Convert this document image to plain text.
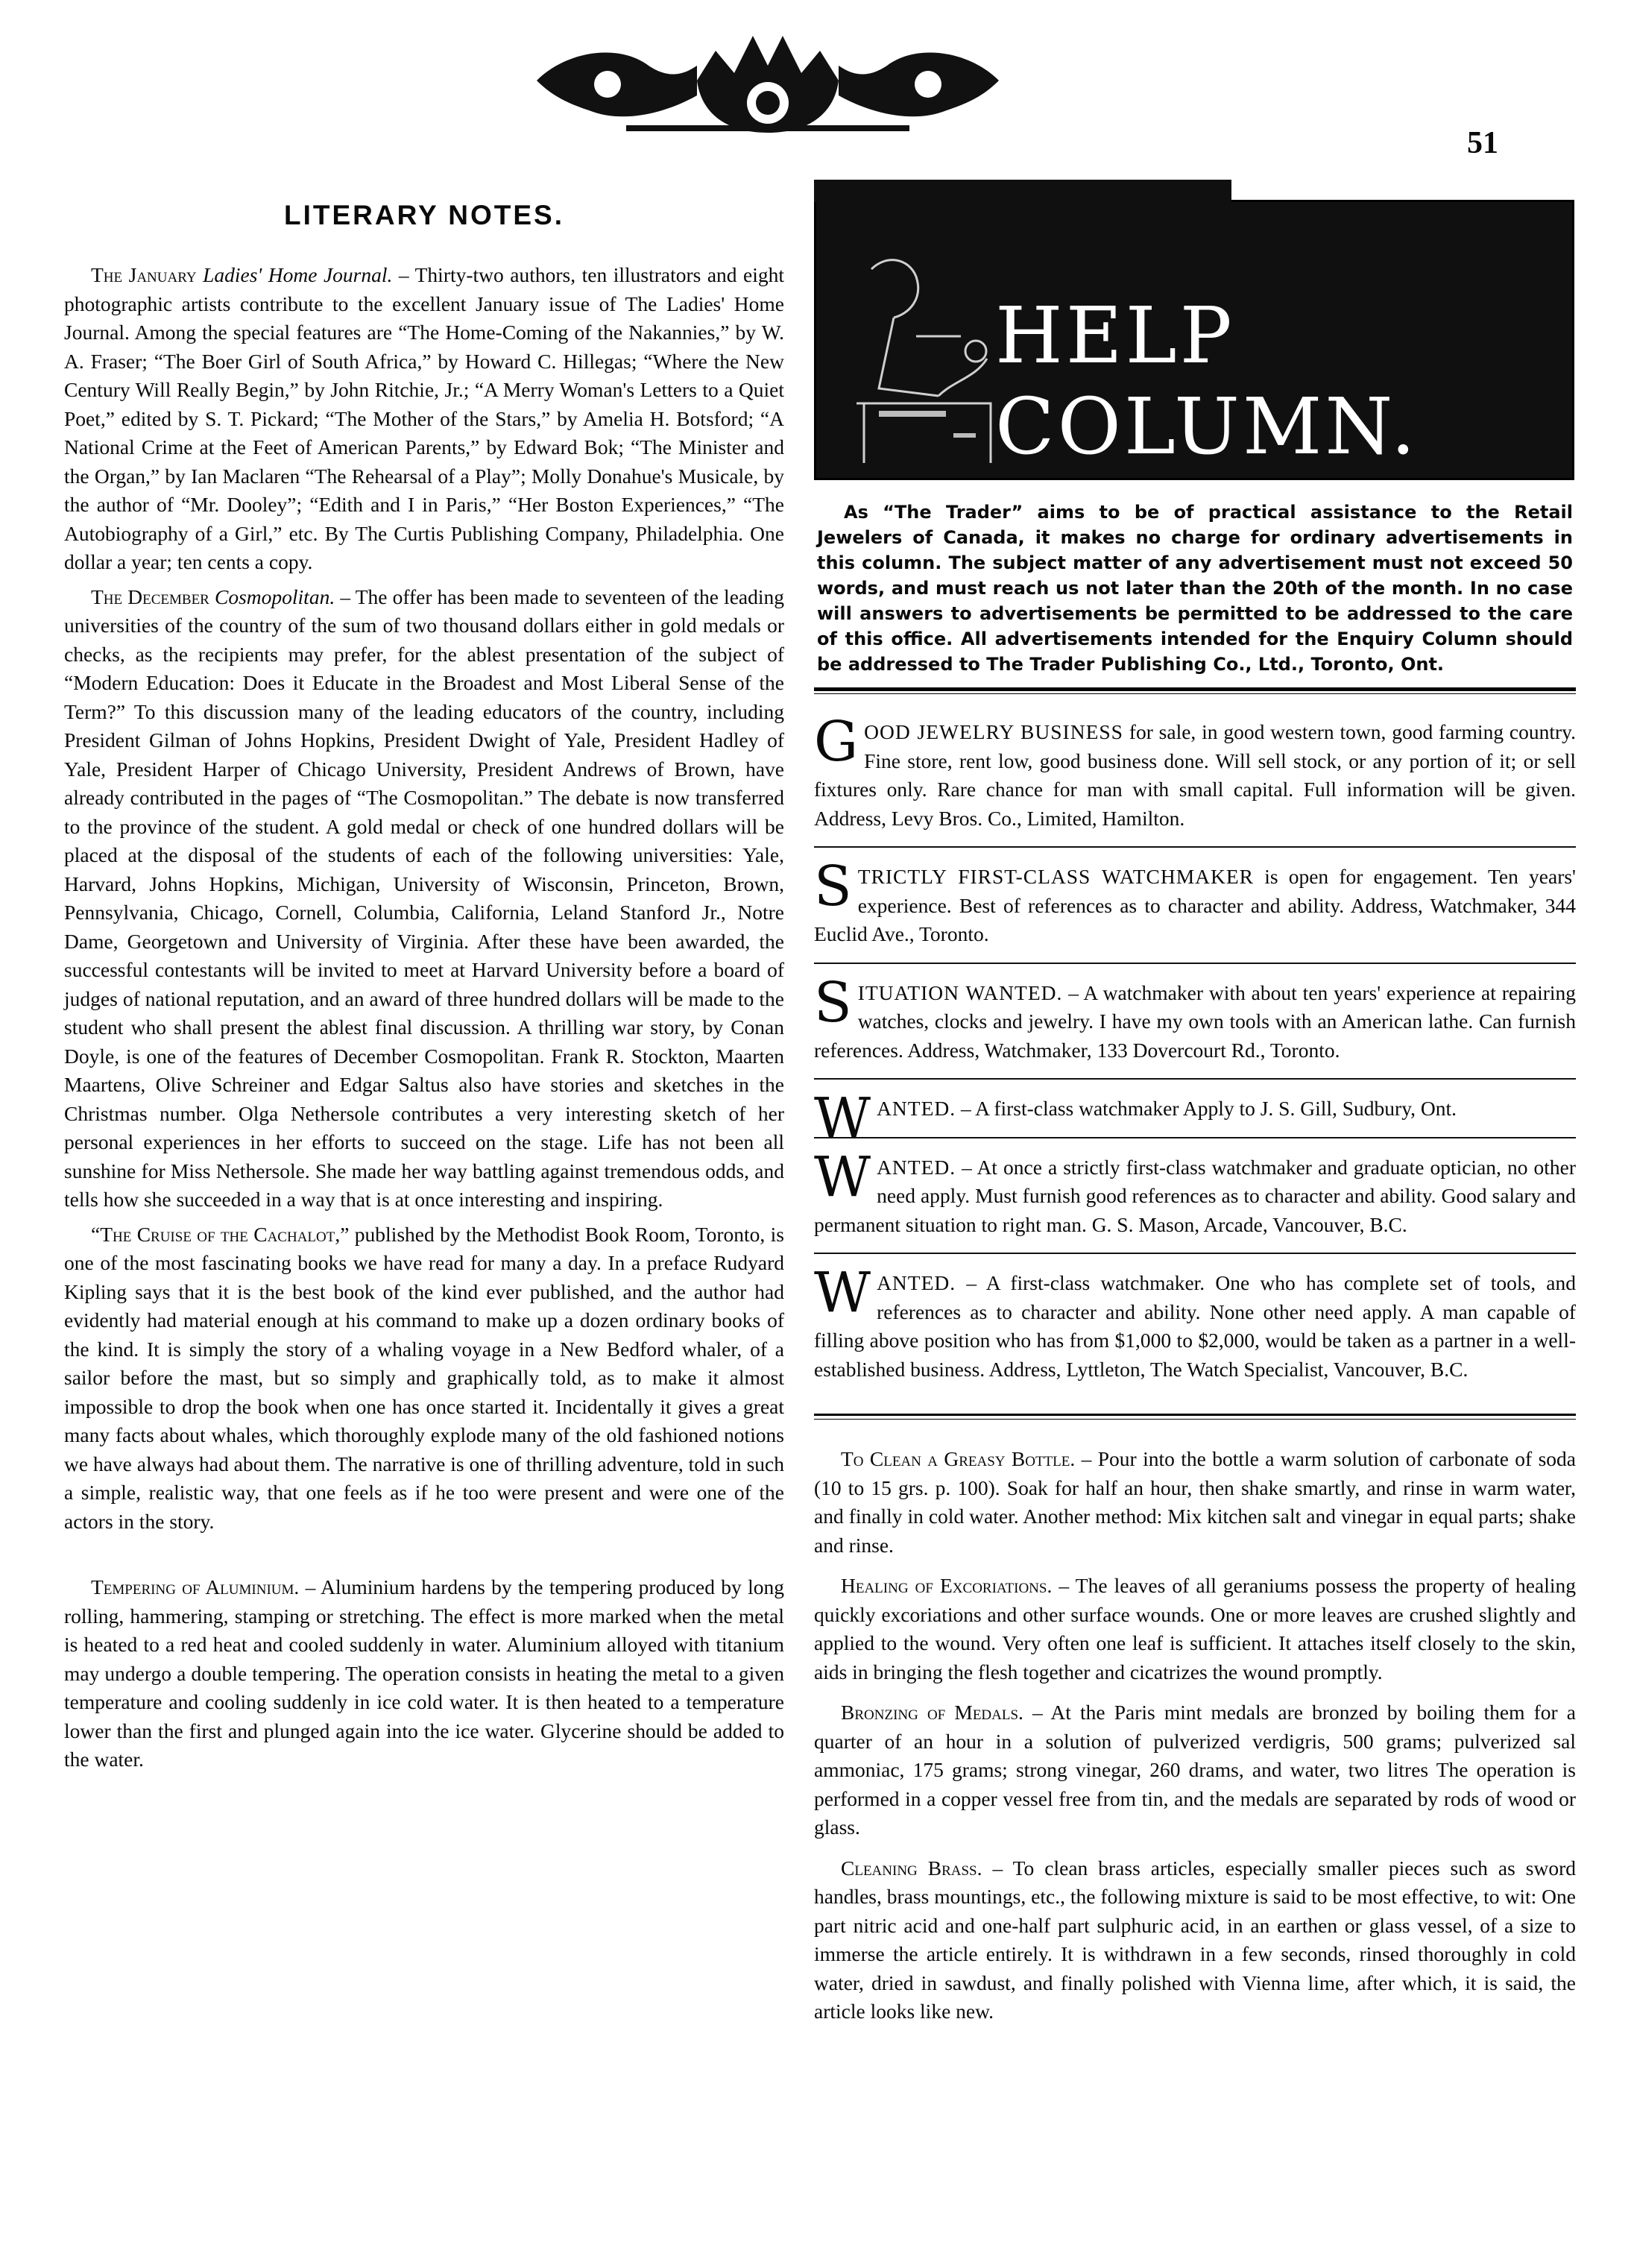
51
LITERARY NOTES.

The January Ladies' Home Journal. – Thirty-two authors, ten illustrators and eight photographic artists contribute to the excellent January issue of The Ladies' Home Journal. Among the special features are “The Home-Coming of the Nakannies,” by W. A. Fraser; “The Boer Girl of South Africa,” by Howard C. Hillegas; “Where the New Century Will Really Begin,” by John Ritchie, Jr.; “A Merry Woman's Letters to a Quiet Poet,” edited by S. T. Pickard; “The Mother of the Stars,” by Amelia H. Botsford; “A National Crime at the Feet of American Parents,” by Edward Bok; “The Minister and the Organ,” by Ian Maclaren “The Rehearsal of a Play”; Molly Donahue's Musicale, by the author of “Mr. Dooley”; “Edith and I in Paris,” “Her Boston Experiences,” “The Autobiography of a Girl,” etc. By The Curtis Publishing Company, Philadelphia. One dollar a year; ten cents a copy.

The December Cosmopolitan. – The offer has been made to seventeen of the leading universities of the country of the sum of two thousand dollars either in gold medals or checks, as the recipients may prefer, for the ablest presentation of the subject of “Modern Education: Does it Educate in the Broadest and Most Liberal Sense of the Term?” To this discussion many of the leading educators of the country, including President Gilman of Johns Hopkins, President Dwight of Yale, President Hadley of Yale, President Harper of Chicago University, President Andrews of Brown, have already contributed in the pages of “The Cosmopolitan.” The debate is now transferred to the province of the student. A gold medal or check of one hundred dollars will be placed at the disposal of the students of each of the following universities: Yale, Harvard, Johns Hopkins, Michigan, University of Wisconsin, Princeton, Brown, Pennsylvania, Chicago, Cornell, Columbia, California, Leland Stanford Jr., Notre Dame, Georgetown and University of Virginia. After these have been awarded, the successful contestants will be invited to meet at Harvard University before a board of judges of national reputation, and an award of three hundred dollars will be made to the student who shall present the ablest final discussion. A thrilling war story, by Conan Doyle, is one of the features of December Cosmopolitan. Frank R. Stockton, Maarten Maartens, Olive Schreiner and Edgar Saltus also have stories and sketches in the Christmas number. Olga Nethersole contributes a very interesting sketch of her personal experiences in her efforts to succeed on the stage. Life has not been all sunshine for Miss Nethersole. She made her way battling against tremendous odds, and tells how she succeeded in a way that is at once interesting and inspiring.

“The Cruise of the Cachalot,” published by the Methodist Book Room, Toronto, is one of the most fascinating books we have read for many a day. In a preface Rudyard Kipling says that it is the best book of the kind ever published, and the author had evidently had material enough at his command to make up a dozen ordinary books of the kind. It is simply the story of a whaling voyage in a New Bedford whaler, of a sailor before the mast, but so simply and graphically told, as to make it almost impossible to drop the book when one has once started it. Incidentally it gives a great many facts about whales, which thoroughly explode many of the old fashioned notions we have always had about them. The narrative is one of thrilling adventure, told in such a simple, realistic way, that one feels as if he too were present and were one of the actors in the story.

Tempering of Aluminium. – Aluminium hardens by the tempering produced by long rolling, hammering, stamping or stretching. The effect is more marked when the metal is heated to a red heat and cooled suddenly in water. Aluminium alloyed with titanium may undergo a double tempering. The operation consists in heating the metal to a given temperature and cooling suddenly in ice cold water. It is then heated to a temperature lower than the first and plunged again into the ice water. Glycerine should be added to the water.

HELP COLUMN.
As “The Trader” aims to be of practical assistance to the Retail Jewelers of Canada, it makes no charge for ordinary advertisements in this column. The subject matter of any advertisement must not exceed 50 words, and must reach us not later than the 20th of the month. In no case will answers to advertisements be permitted to be addressed to the care of this office. All advertisements intended for the Enquiry Column should be addressed to The Trader Publishing Co., Ltd., Toronto, Ont.

GOOD JEWELRY BUSINESS for sale, in good western town, good farming country. Fine store, rent low, good business done. Will sell stock, or any portion of it; or sell fixtures only. Rare chance for man with small capital. Full information will be given. Address, Levy Bros. Co., Limited, Hamilton.

STRICTLY FIRST-CLASS WATCHMAKER is open for engagement. Ten years' experience. Best of references as to character and ability. Address, Watchmaker, 344 Euclid Ave., Toronto.

SITUATION WANTED. – A watchmaker with about ten years' experience at repairing watches, clocks and jewelry. I have my own tools with an American lathe. Can furnish references. Address, Watchmaker, 133 Dovercourt Rd., Toronto.

WANTED. – A first-class watchmaker Apply to J. S. Gill, Sudbury, Ont.

WANTED. – At once a strictly first-class watchmaker and graduate optician, no other need apply. Must furnish good references as to character and ability. Good salary and permanent situation to right man. G. S. Mason, Arcade, Vancouver, B.C.

WANTED. – A first-class watchmaker. One who has complete set of tools, and references as to character and ability. None other need apply. A man capable of filling above position who has from $1,000 to $2,000, would be taken as a partner in a well-established business. Address, Lyttleton, The Watch Specialist, Vancouver, B.C.

To Clean a Greasy Bottle. – Pour into the bottle a warm solution of carbonate of soda (10 to 15 grs. p. 100). Soak for half an hour, then shake smartly, and rinse in warm water, and finally in cold water. Another method: Mix kitchen salt and vinegar in equal parts; shake and rinse.

Healing of Excoriations. – The leaves of all geraniums possess the property of healing quickly excoriations and other surface wounds. One or more leaves are crushed slightly and applied to the wound. Very often one leaf is sufficient. It attaches itself closely to the skin, aids in bringing the flesh together and cicatrizes the wound promptly.

Bronzing of Medals. – At the Paris mint medals are bronzed by boiling them for a quarter of an hour in a solution of pulverized verdigris, 500 grams; pulverized sal ammoniac, 175 grams; strong vinegar, 260 drams, and water, two litres The operation is performed in a copper vessel free from tin, and the medals are separated by rods of wood or glass.

Cleaning Brass. – To clean brass articles, especially smaller pieces such as sword handles, brass mountings, etc., the following mixture is said to be most effective, to wit: One part nitric acid and one-half part sulphuric acid, in an earthen or glass vessel, of a size to immerse the article entirely. It is withdrawn in a few seconds, rinsed thoroughly in cold water, dried in sawdust, and finally polished with Vienna lime, after which, it is said, the article looks like new.
